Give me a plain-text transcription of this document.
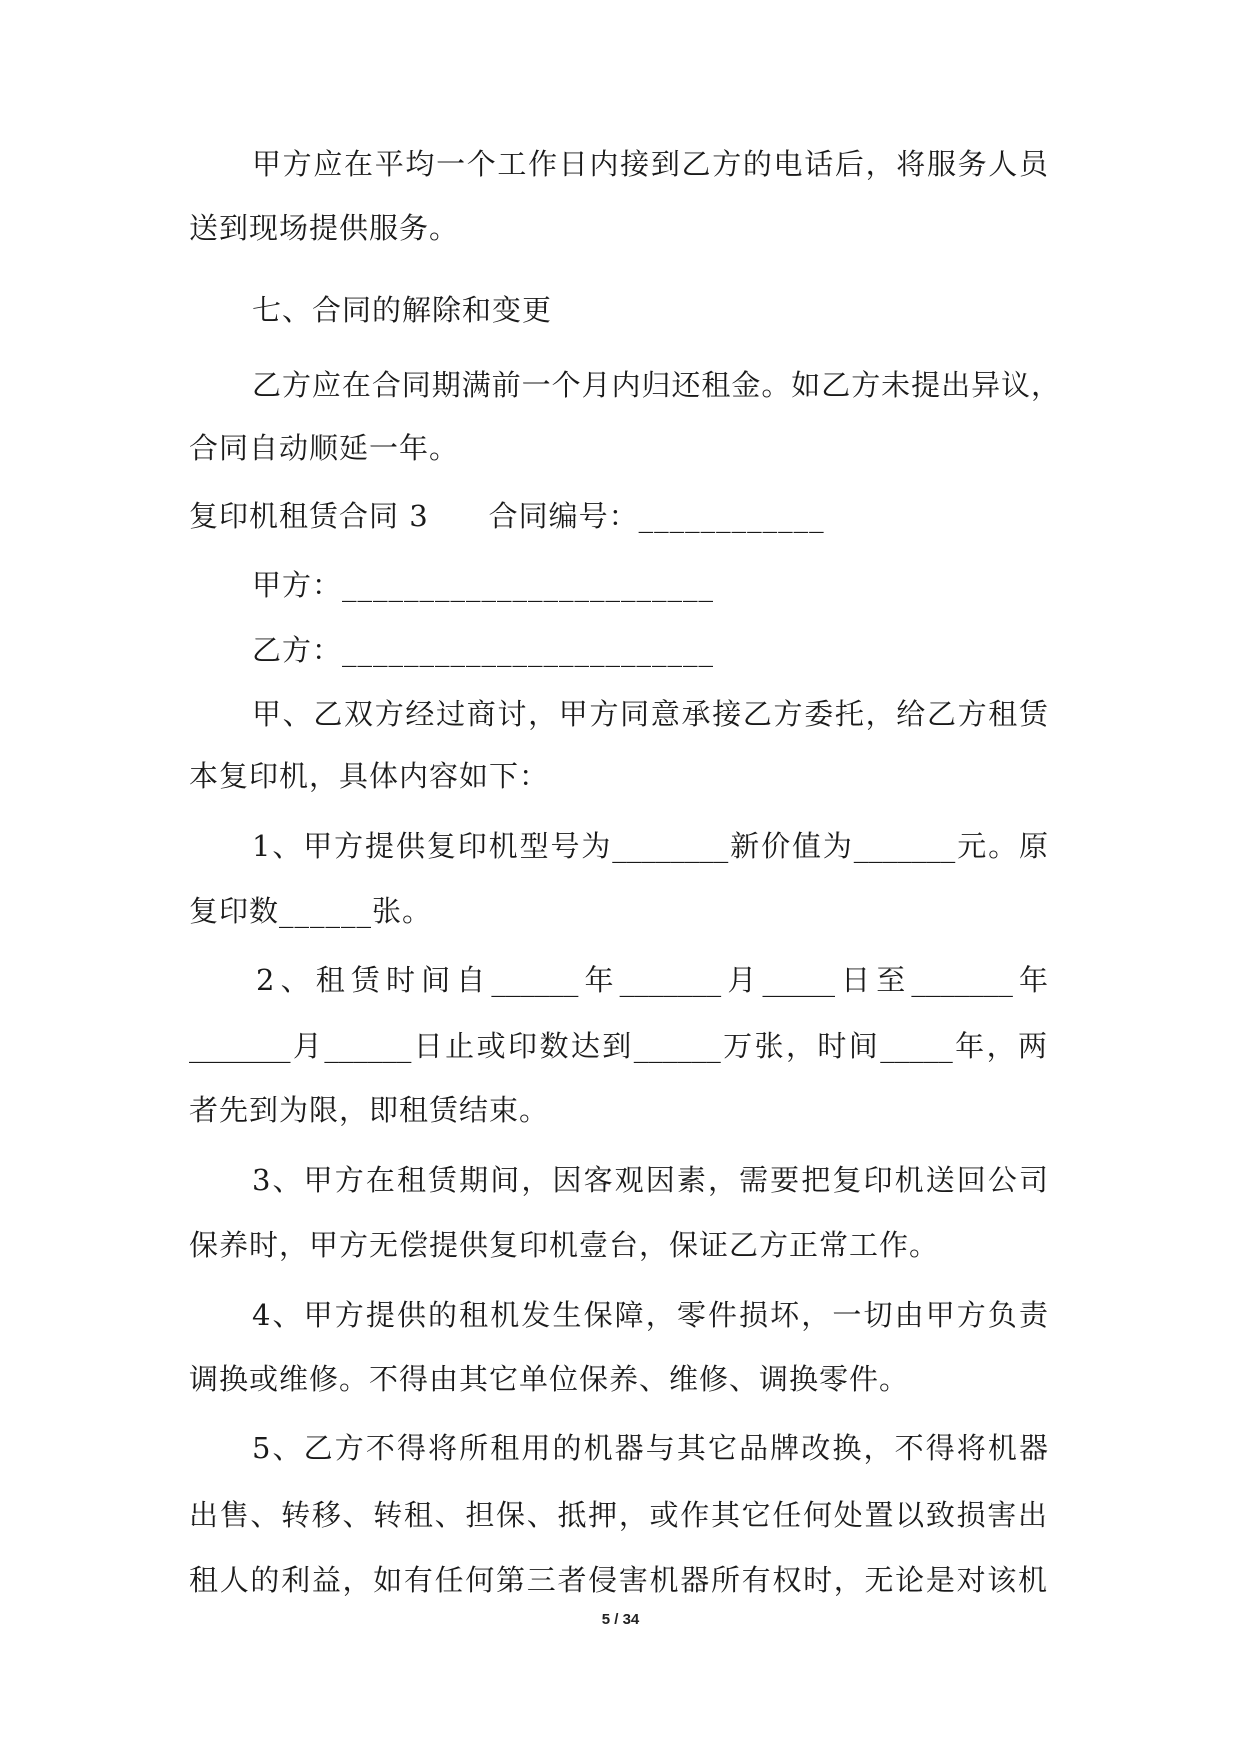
甲方应在平均一个工作日内接到乙方的电话后，将服务人员
送到现场提供服务。
七、合同的解除和变更
乙方应在合同期满前一个月内归还租金。如乙方未提出异议，
合同自动顺延一年。
复印机租赁合同 3　　合同编号：____________
甲方：________________________
乙方：________________________
甲、乙双方经过商讨，甲方同意承接乙方委托，给乙方租赁
本复印机，具体内容如下：
1、甲方提供复印机型号为________新价值为_______元。原
复印数______张。
2、租赁时间自______年_______月_____日至_______年
_______月______日止或印数达到______万张，时间_____年，两
者先到为限，即租赁结束。
3、甲方在租赁期间，因客观因素，需要把复印机送回公司
保养时，甲方无偿提供复印机壹台，保证乙方正常工作。
4、甲方提供的租机发生保障，零件损坏，一切由甲方负责
调换或维修。不得由其它单位保养、维修、调换零件。
5、乙方不得将所租用的机器与其它品牌改换，不得将机器
出售、转移、转租、担保、抵押，或作其它任何处置以致损害出
租人的利益，如有任何第三者侵害机器所有权时，无论是对该机
5 / 34
